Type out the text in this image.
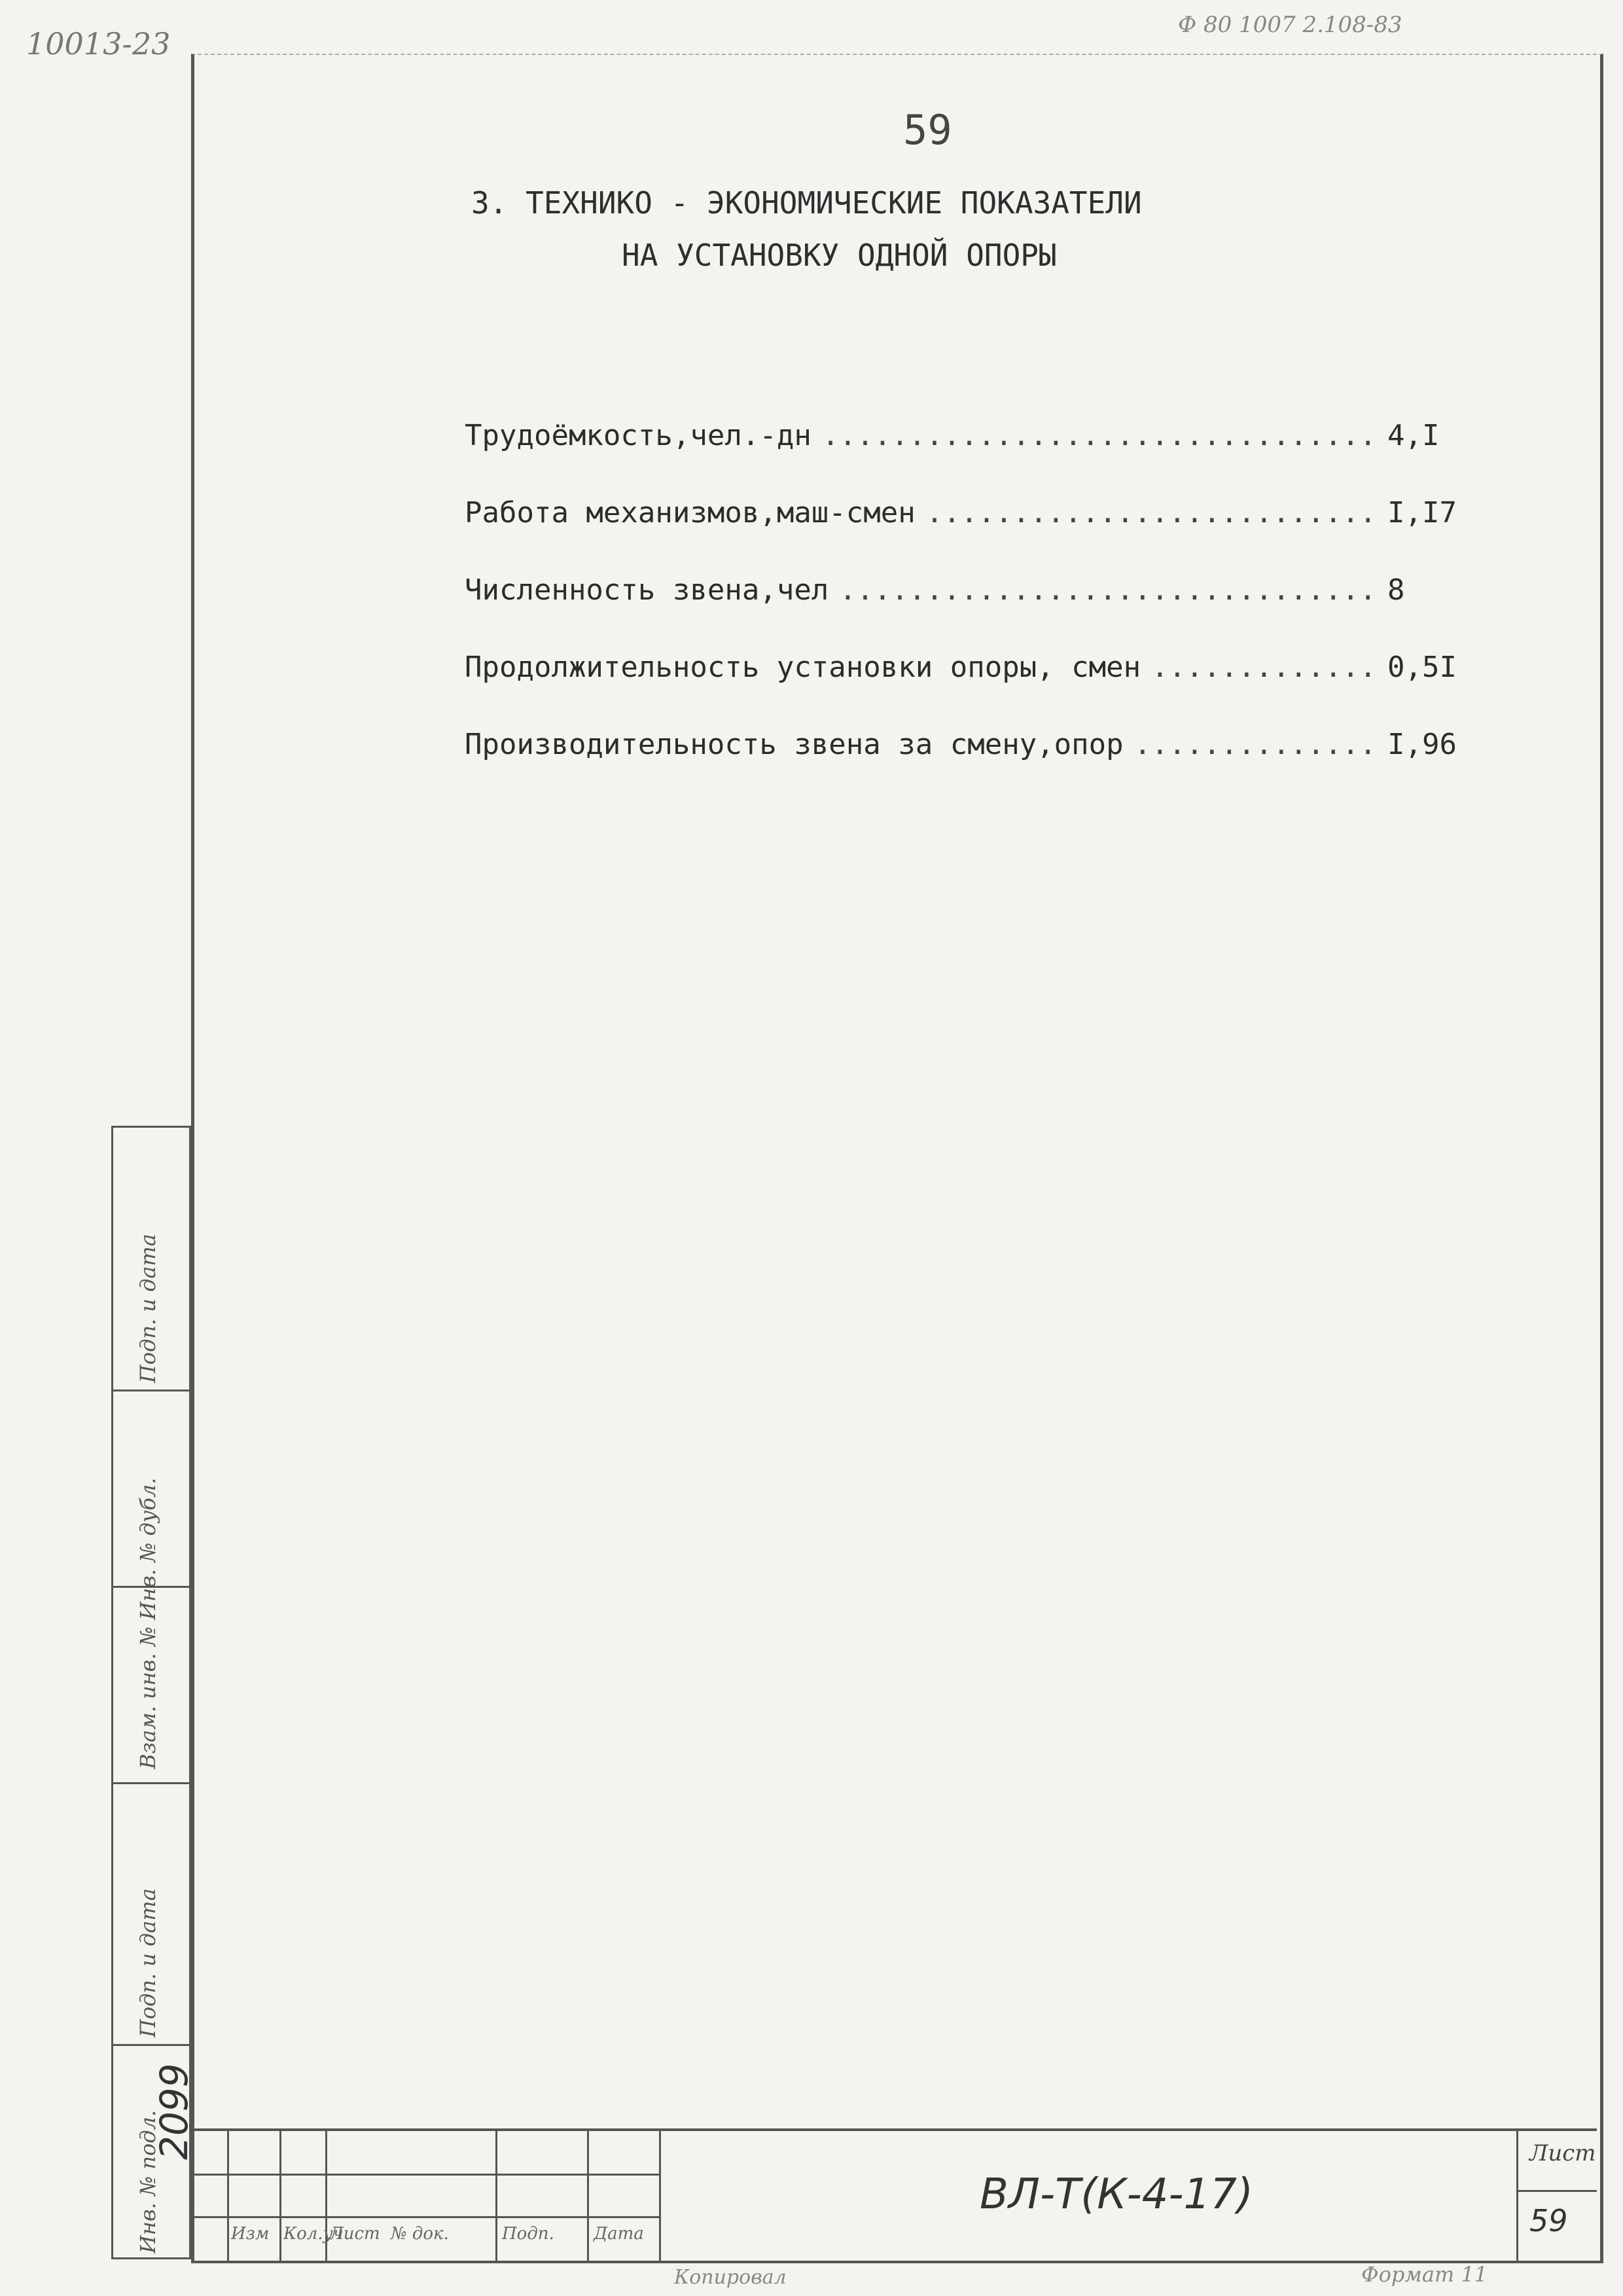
10013-23
Ф 80 1007 2.108-83
59
3. ТЕХНИКО - ЭКОНОМИЧЕСКИЕ ПОКАЗАТЕЛИ
НА УСТАНОВКУ ОДНОЙ ОПОРЫ
Трудоёмкость,чел.-дн .....	4,I
Работа механизмов,маш-смен .....	I,I7
Численность звена,чел .....	8
Продолжительность установки опоры, смен .....	0,5I
Производительность звена за смену,опор .....	I,96
Подп. и дата
Взам. инв. № Инв. № дубл.
Подп. и дата
Инв. № подл.
2099
Изм Кол.уч
Лист № док.	Подп. Дата
ВЛ-Т(К-4-17)
Лист
59
Копировал	Формат 11
